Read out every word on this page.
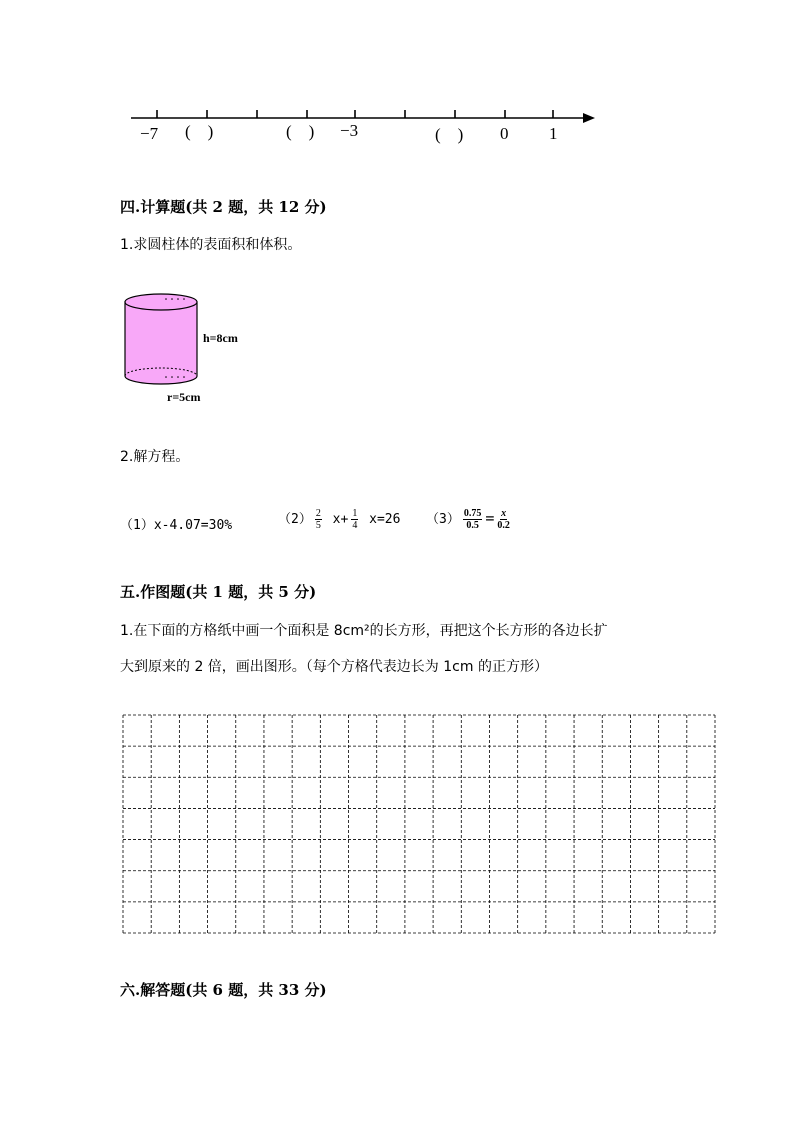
−7 (    )	(    ) −3	(    ) 0 1
四.计算题(共 2 题，共 12 分)
1.求圆柱体的表面积和体积。
h=8cm
r=5cm
2.解方程。
（1）x-4.07=30%	$(2) \frac{2}{5} x+ \frac{1}{4} x=26$ $(3) \frac{0.75}{0.5} = \frac{x}{0.2}$
五.作图题(共 1 题，共 5 分)
1.在下面的方格纸中画一个面积是 8cm²的长方形，再把这个长方形的各边长扩
大到原来的 2 倍，画出图形。（每个方格代表边长为 1cm 的正方形）
六.解答题(共 6 题，共 33 分)
